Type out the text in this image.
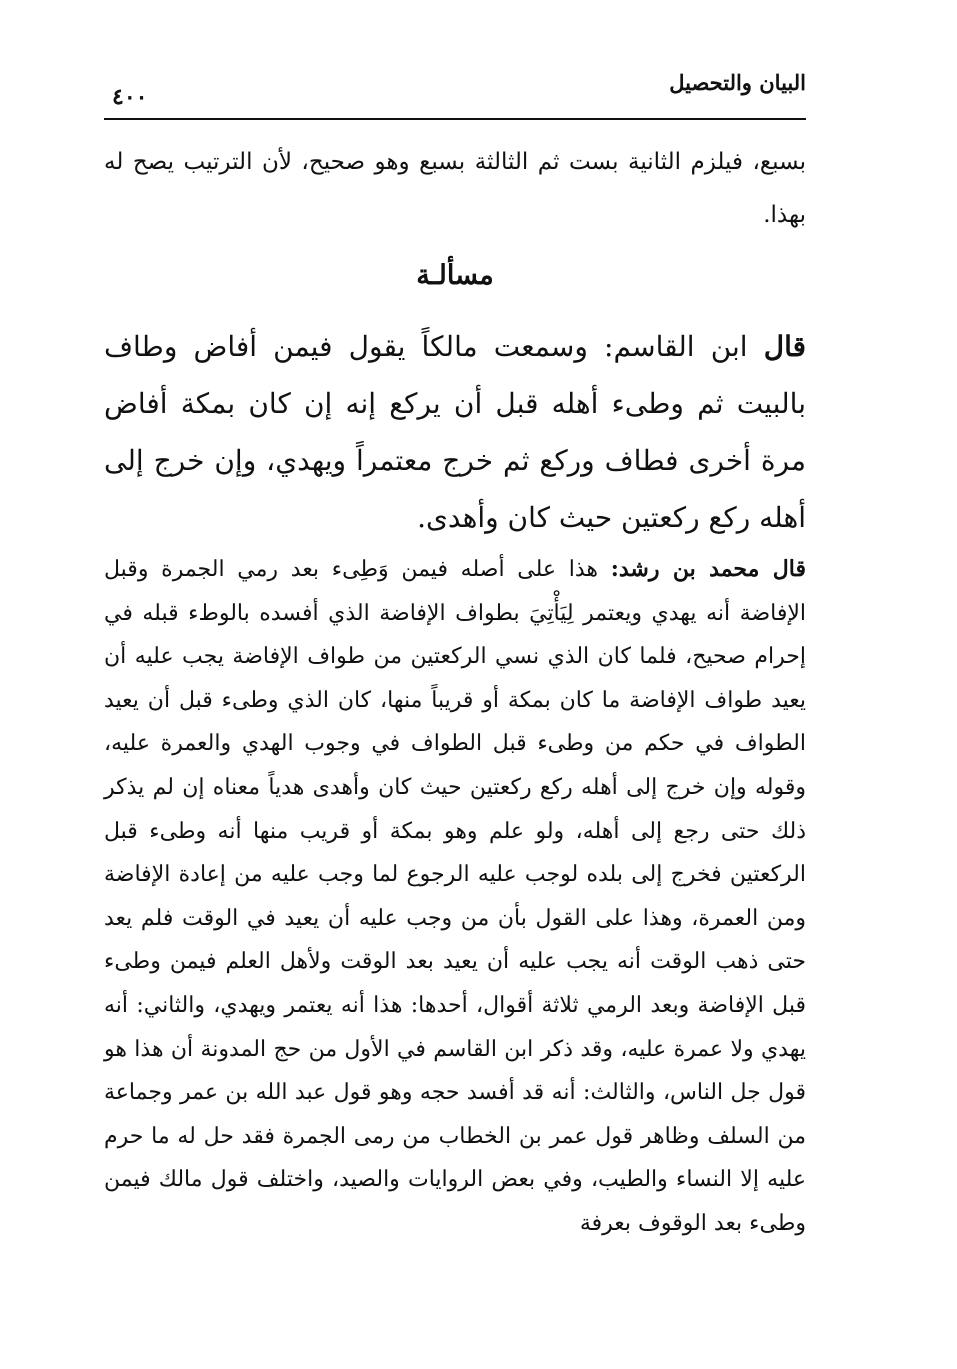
البيان والتحصيل
٤٠٠

بسبع، فيلزم الثانية بست ثم الثالثة بسبع وهو صحيح، لأن الترتيب يصح له بهذا.

مسألـة

قال ابن القاسم: وسمعت مالكاً يقول فيمن أفاض وطاف بالبيت ثم وطىء أهله قبل أن يركع إنه إن كان بمكة أفاض مرة أخرى فطاف وركع ثم خرج معتمراً ويهدي، وإن خرج إلى أهله ركع ركعتين حيث كان وأهدى.

قال محمد بن رشد: هذا على أصله فيمن وَطِىء بعد رمي الجمرة وقبل الإفاضة أنه يهدي ويعتمر لِيَأْتِيَ بطواف الإفاضة الذي أفسده بالوطء قبله في إحرام صحيح، فلما كان الذي نسي الركعتين من طواف الإفاضة يجب عليه أن يعيد طواف الإفاضة ما كان بمكة أو قريباً منها، كان الذي وطىء قبل أن يعيد الطواف في حكم من وطىء قبل الطواف في وجوب الهدي والعمرة عليه، وقوله وإن خرج إلى أهله ركع ركعتين حيث كان وأهدى هدياً معناه إن لم يذكر ذلك حتى رجع إلى أهله، ولو علم وهو بمكة أو قريب منها أنه وطىء قبل الركعتين فخرج إلى بلده لوجب عليه الرجوع لما وجب عليه من إعادة الإفاضة ومن العمرة، وهذا على القول بأن من وجب عليه أن يعيد في الوقت فلم يعد حتى ذهب الوقت أنه يجب عليه أن يعيد بعد الوقت ولأهل العلم فيمن وطىء قبل الإفاضة وبعد الرمي ثلاثة أقوال، أحدها: هذا أنه يعتمر ويهدي، والثاني: أنه يهدي ولا عمرة عليه، وقد ذكر ابن القاسم في الأول من حج المدونة أن هذا هو قول جل الناس، والثالث: أنه قد أفسد حجه وهو قول عبد الله بن عمر وجماعة من السلف وظاهر قول عمر بن الخطاب من رمى الجمرة فقد حل له ما حرم عليه إلا النساء والطيب، وفي بعض الروايات والصيد، واختلف قول مالك فيمن وطىء بعد الوقوف بعرفة
